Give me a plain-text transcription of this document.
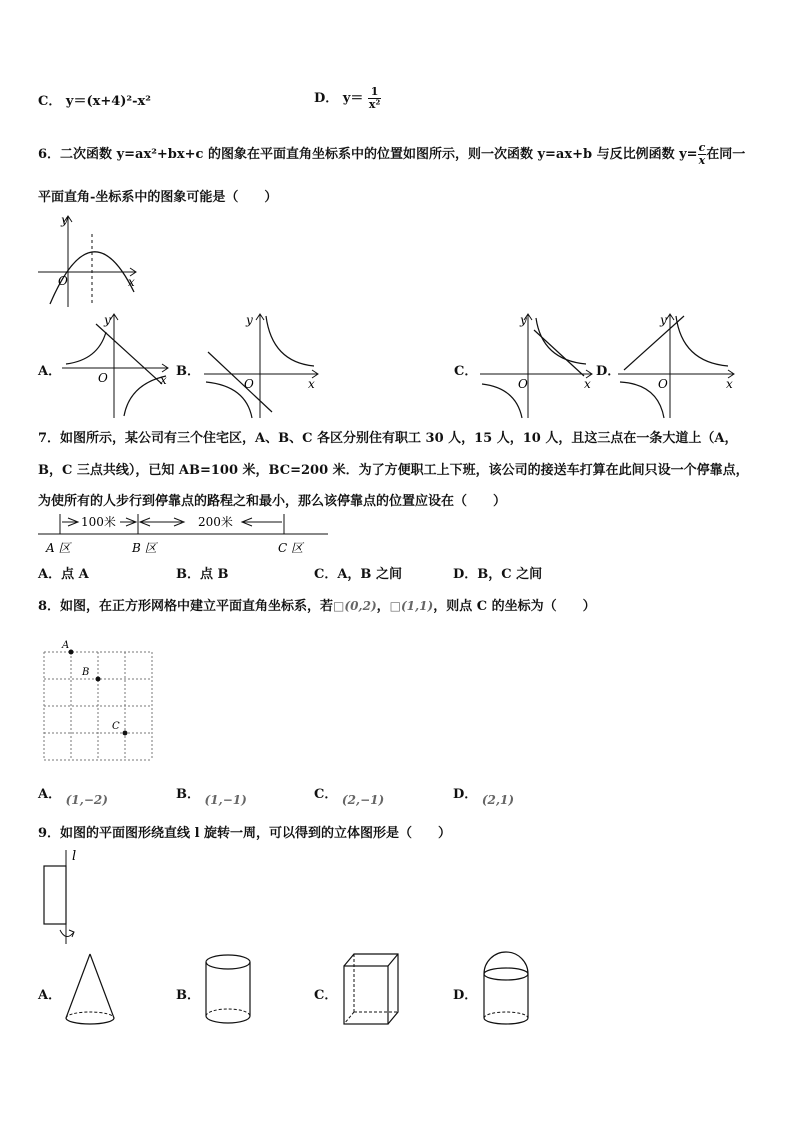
C． y＝(x+4)²-x²	D． $y= \frac{1}{\text{x²}}$
6．二次函数 y=ax²+bx+c 的图象在平面直角坐标系中的位置如图所示，则一次函数 y=ax+b 与反比例函数 $y= \frac{c}{x}$ 在同一
平面直角-坐标系中的图象可能是（　　）
y
x
O
A．
y
x
O	B．
y
x
O
C．
y
x
O
D．
y
x
O
7．如图所示，某公司有三个住宅区，A、B、C 各区分别住有职工 30 人，15 人，10 人，且这三点在一条大道上（A，
B，C 三点共线），已知 AB=100 米，BC=200 米．为了方便职工上下班，该公司的接送车打算在此间只设一个停靠点，
为使所有的人步行到停靠点的路程之和最小，那么该停靠点的位置应设在（　　）
100米	200米
A 区	B 区	C 区
A．点 A	B．点 B	C．A，B 之间	D．B，C 之间
8．如图，在正方形网格中建立平面直角坐标系，若□(0,2)，□(1,1)，则点 C 的坐标为（　　）
A
B
C
A． (1,−2)	B． (1,−1)	C． (2,−1)	D． (2,1)
9．如图的平面图形绕直线 l 旋转一周，可以得到的立体图形是（　　）
l
A．	B．	C．	D．
